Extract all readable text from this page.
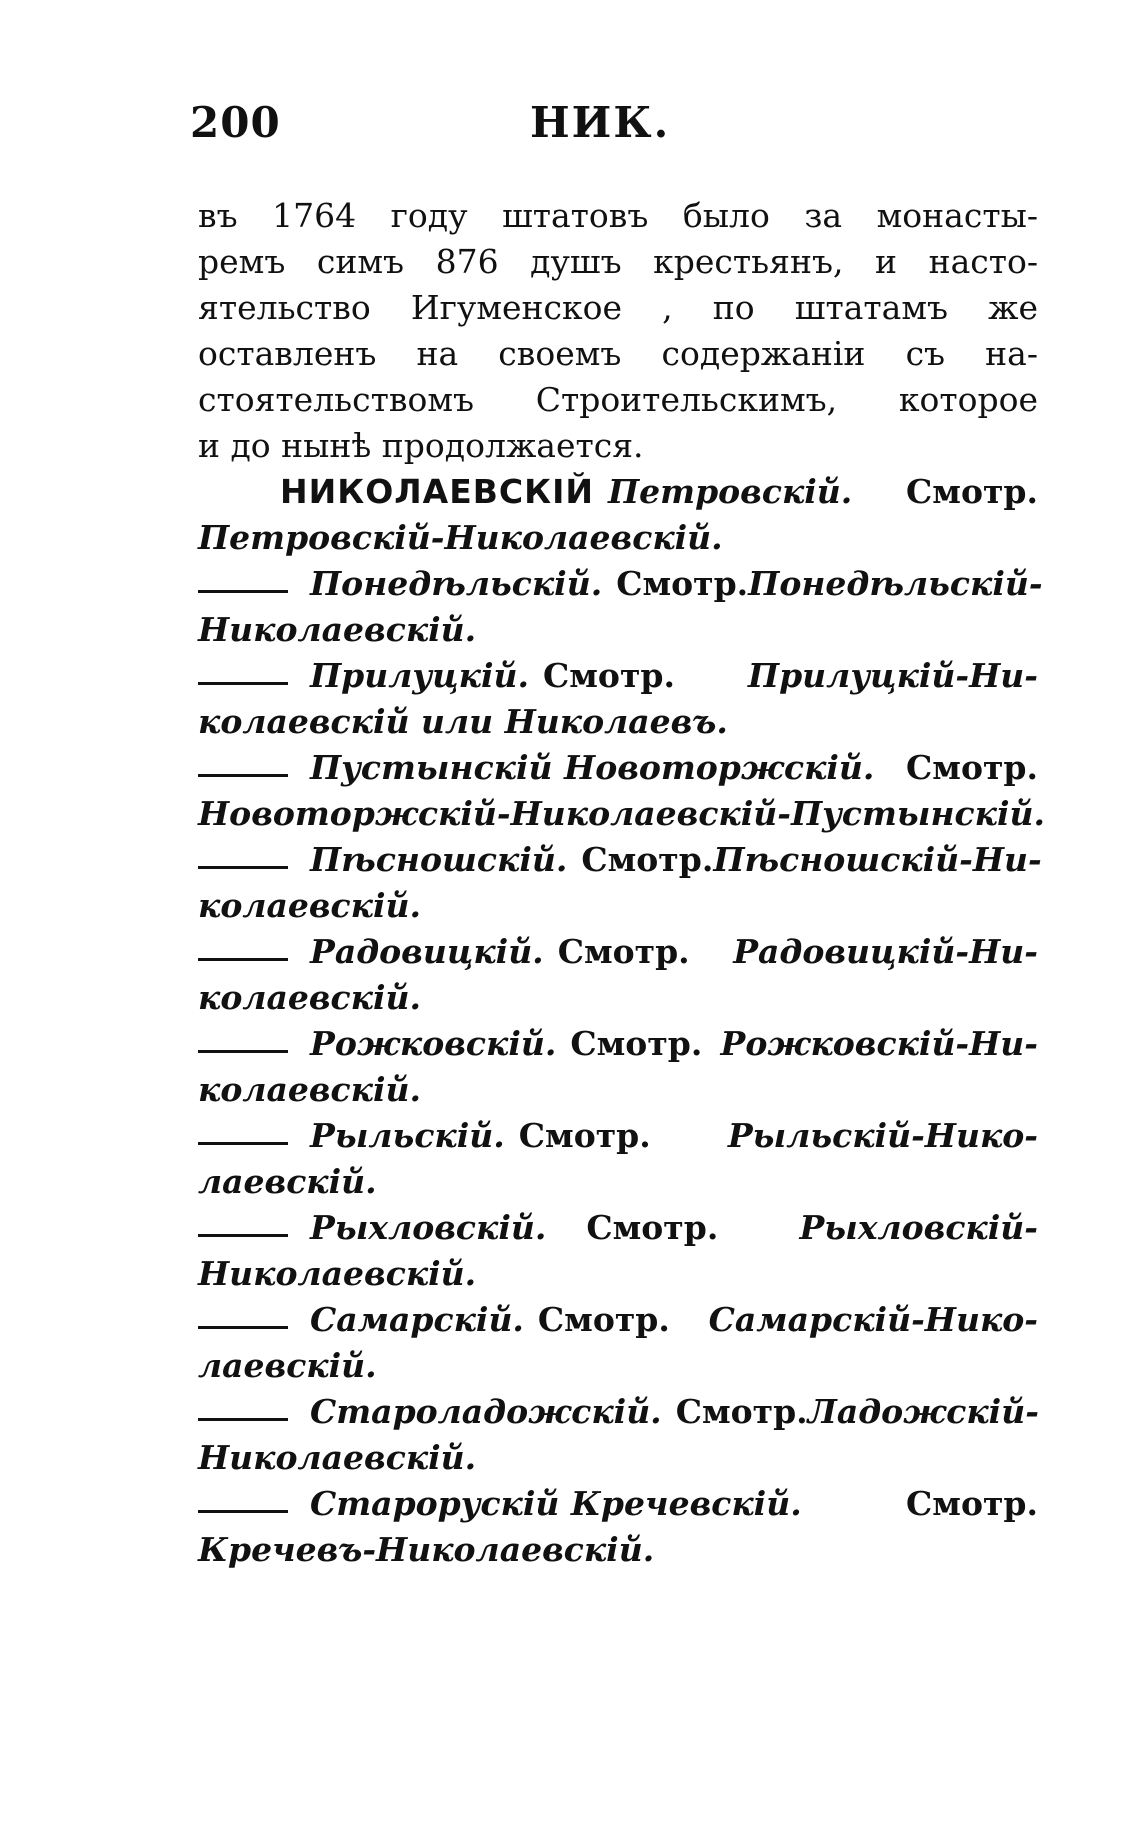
200	НИК.

въ 1764 году штатовъ было за монасты-
ремъ симъ 876 душъ крестьянъ, и насто-
ятельство Игуменское , по штатамъ же
оставленъ на своемъ содержаніи съ на-
стоятельствомъ Строительскимъ, которое
и до нынѣ продолжается.

НИКОЛАЕВСКІЙ Петровскій. Смотр.
Петровскій-Николаевскій.
Понедѣльскій. Смотр. Понедѣльскій-
Николаевскій.
Прилуцкій. Смотр. Прилуцкій-Ни-
колаевскій или Николаевъ.
Пустынскій Новоторжскій. Смотр.
Новоторжскій-Николаевскій-Пустынскій.
Пѣсношскій. Смотр. Пѣсношскій-Ни-
колаевскій.
Радовицкій. Смотр. Радовицкій-Ни-
колаевскій.
Рожковскій. Смотр. Рожковскій-Ни-
колаевскій.
Рыльскій. Смотр. Рыльскій-Нико-
лаевскій.
Рыхловскій. Смотр. Рыхловскій-
Николаевскій.
Самарскій. Смотр. Самарскій-Нико-
лаевскій.
Староладожскій. Смотр. Ладожскій-
Николаевскій.
Старорускій Кречевскій.	Смотр.
Кречевъ-Николаевскій.
